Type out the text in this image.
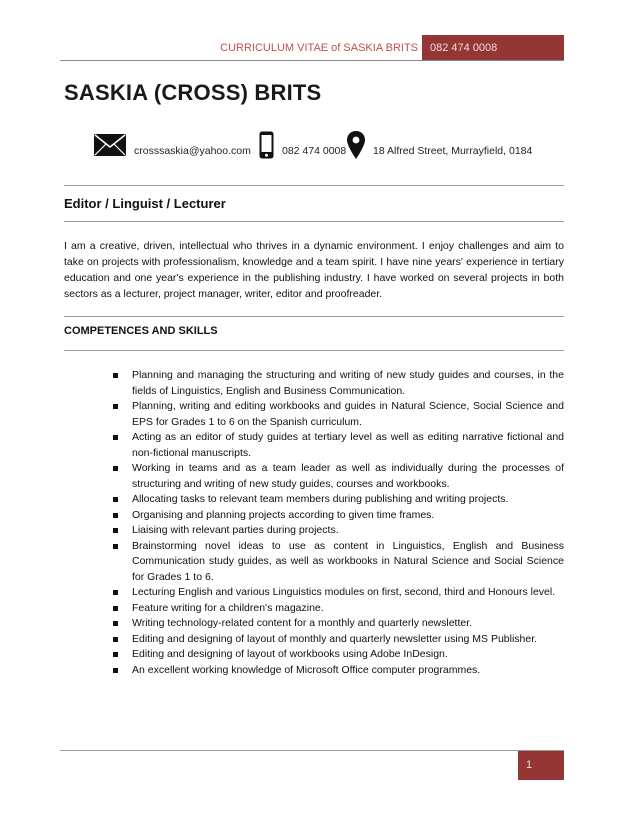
CURRICULUM VITAE of SASKIA BRITS	082 474 0008
SASKIA (CROSS) BRITS
crosssaskia@yahoo.com	082 474 0008	18 Alfred Street, Murrayfield, 0184
Editor / Linguist / Lecturer
I am a creative, driven, intellectual who thrives in a dynamic environment. I enjoy challenges and aim to take on projects with professionalism, knowledge and a team spirit. I have nine years' experience in tertiary education and one year's experience in the publishing industry. I have worked on several projects in both sectors as a lecturer, project manager, writer, editor and proofreader.
COMPETENCES AND SKILLS
Planning and managing the structuring and writing of new study guides and courses, in the fields of Linguistics, English and Business Communication.
Planning, writing and editing workbooks and guides in Natural Science, Social Science and EPS for Grades 1 to 6 on the Spanish curriculum.
Acting as an editor of study guides at tertiary level as well as editing narrative fictional and non-fictional manuscripts.
Working in teams and as a team leader as well as individually during the processes of structuring and writing of new study guides, courses and workbooks.
Allocating tasks to relevant team members during publishing and writing projects.
Organising and planning projects according to given time frames.
Liaising with relevant parties during projects.
Brainstorming novel ideas to use as content in Linguistics, English and Business Communication study guides, as well as workbooks in Natural Science and Social Science for Grades 1 to 6.
Lecturing English and various Linguistics modules on first, second, third and Honours level.
Feature writing for a children's magazine.
Writing technology-related content for a monthly and quarterly newsletter.
Editing and designing of layout of monthly and quarterly newsletter using MS Publisher.
Editing and designing of layout of workbooks using Adobe InDesign.
An excellent working knowledge of Microsoft Office computer programmes.
1
